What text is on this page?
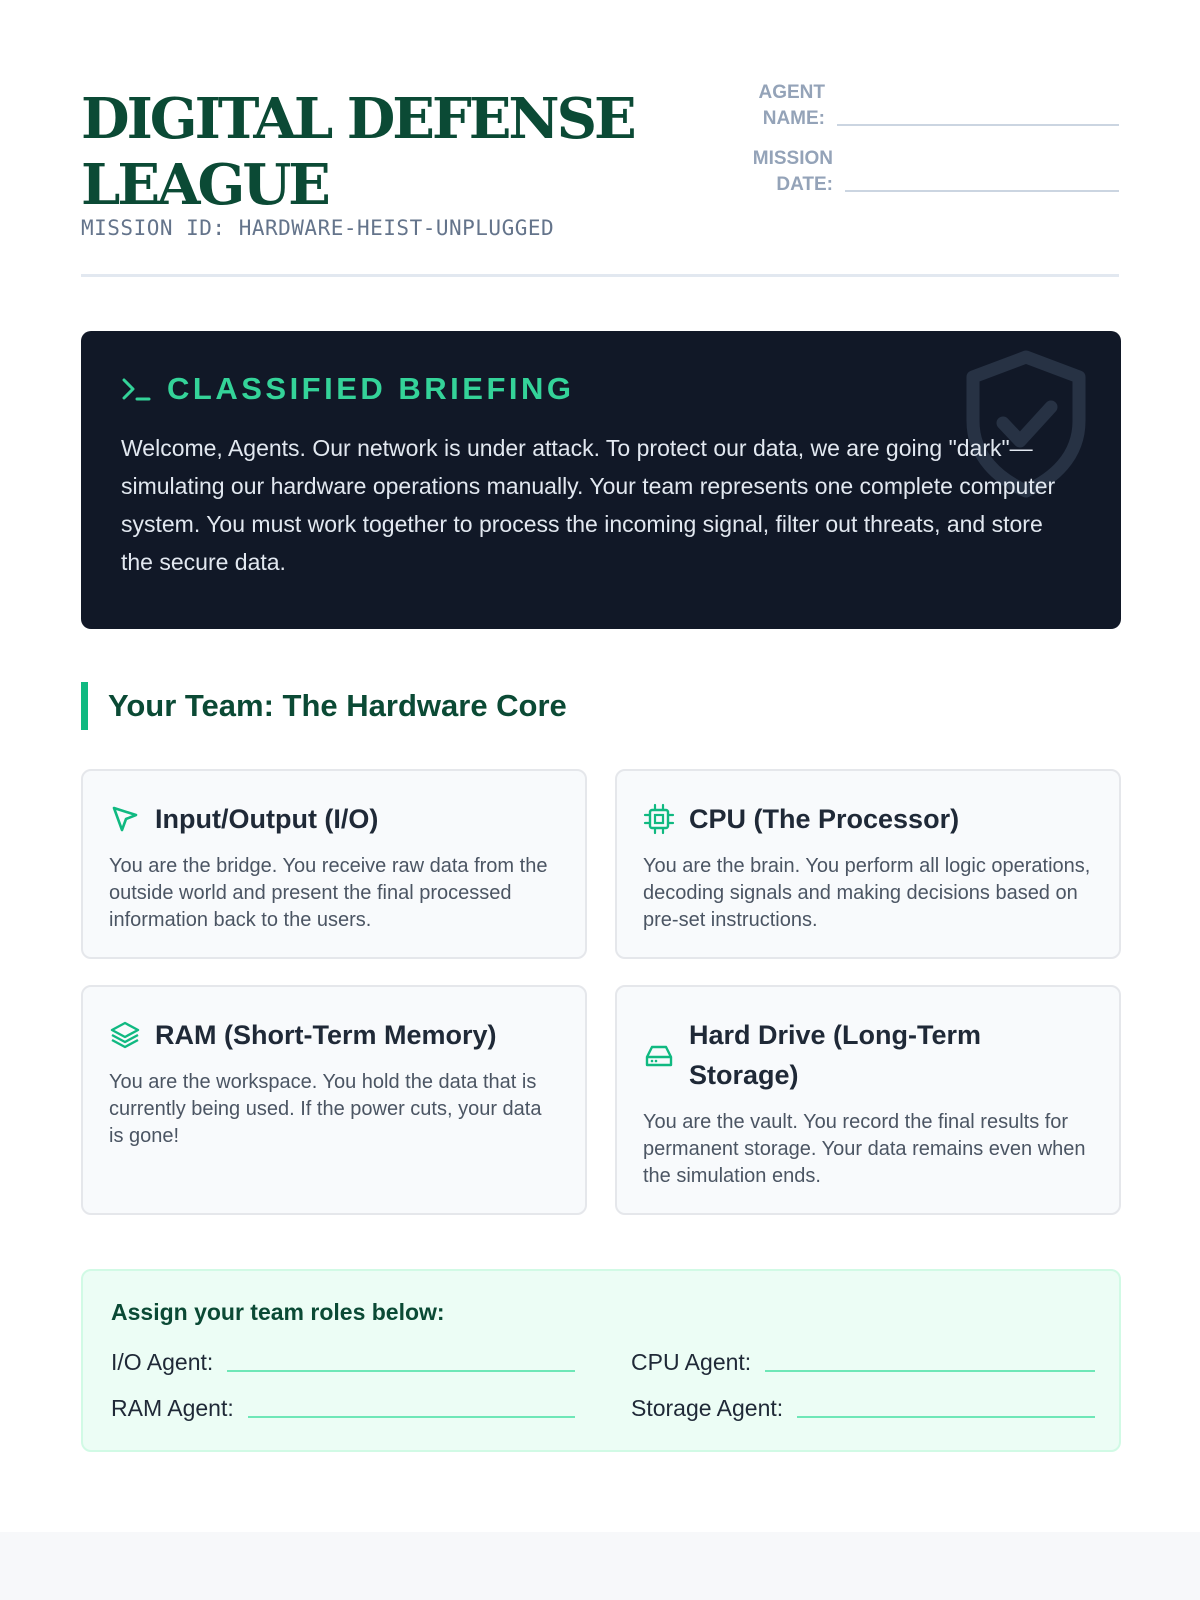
DIGITAL DEFENSE LEAGUE
MISSION ID: HARDWARE-HEIST-UNPLUGGED
AGENT
NAME:
MISSION
DATE:
CLASSIFIED BRIEFING

Welcome, Agents. Our network is under attack. To protect our data, we are going "dark"—simulating our hardware operations manually. Your team represents one complete computer system. You must work together to process the incoming signal, filter out threats, and store the secure data.

Your Team: The Hardware Core
Input/Output (I/O)
You are the bridge. You receive raw data from the outside world and present the final processed information back to the users.
CPU (The Processor)
You are the brain. You perform all logic operations, decoding signals and making decisions based on pre-set instructions.
RAM (Short-Term Memory)
You are the workspace. You hold the data that is currently being used. If the power cuts, your data is gone!
Hard Drive (Long-Term Storage)
You are the vault. You record the final results for permanent storage. Your data remains even when the simulation ends.
Assign your team roles below:
I/O Agent:	CPU Agent:
RAM Agent:	Storage Agent:
